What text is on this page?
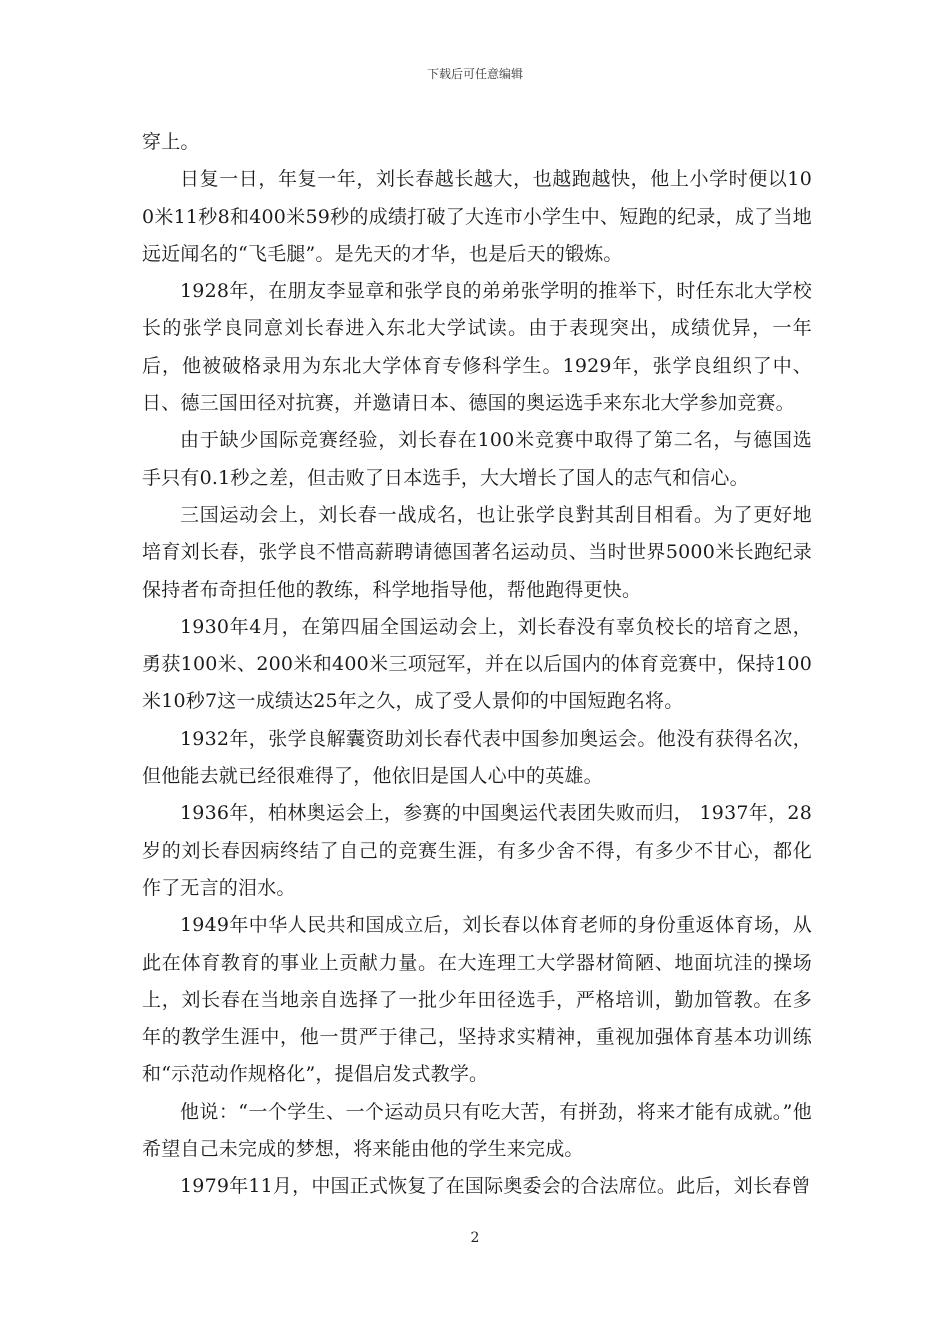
下载后可任意编辑

穿上。

日复一日，年复一年，刘长春越长越大，也越跑越快，他上小学时便以100米11秒8和400米59秒的成绩打破了大连市小学生中、短跑的纪录，成了当地远近闻名的“飞毛腿”。是先天的才华，也是后天的锻炼。

1928年，在朋友李显章和张学良的弟弟张学明的推举下，时任东北大学校长的张学良同意刘长春进入东北大学试读。由于表现突出，成绩优异，一年后，他被破格录用为东北大学体育专修科学生。1929年，张学良组织了中、日、德三国田径对抗赛，并邀请日本、德国的奥运选手来东北大学参加竞赛。

由于缺少国际竞赛经验，刘长春在100米竞赛中取得了第二名，与德国选手只有0.1秒之差，但击败了日本选手，大大增长了国人的志气和信心。

三国运动会上，刘长春一战成名，也让张学良對其刮目相看。为了更好地培育刘长春，张学良不惜高薪聘请德国著名运动员、当时世界5000米长跑纪录保持者布奇担任他的教练，科学地指导他，帮他跑得更快。

1930年4月，在第四届全国运动会上，刘长春没有辜负校长的培育之恩，勇获100米、200米和400米三项冠军，并在以后国内的体育竞赛中，保持100米10秒7这一成绩达25年之久，成了受人景仰的中国短跑名将。

1932年，张学良解囊资助刘长春代表中国参加奥运会。他没有获得名次，但他能去就已经很难得了，他依旧是国人心中的英雄。

1936年，柏林奥运会上，参赛的中国奥运代表团失败而归， 1937年，28岁的刘长春因病终结了自己的竞赛生涯，有多少舍不得，有多少不甘心，都化作了无言的泪水。

1949年中华人民共和国成立后，刘长春以体育老师的身份重返体育场，从此在体育教育的事业上贡献力量。在大连理工大学器材简陋、地面坑洼的操场上，刘长春在当地亲自选择了一批少年田径选手，严格培训，勤加管教。在多年的教学生涯中，他一贯严于律己，坚持求实精神，重视加强体育基本功训练和“示范动作规格化”，提倡启发式教学。

他说：“一个学生、一个运动员只有吃大苦，有拼劲，将来才能有成就。”他希望自己未完成的梦想，将来能由他的学生来完成。

1979年11月，中国正式恢复了在国际奥委会的合法席位。此后，刘长春曾

2
